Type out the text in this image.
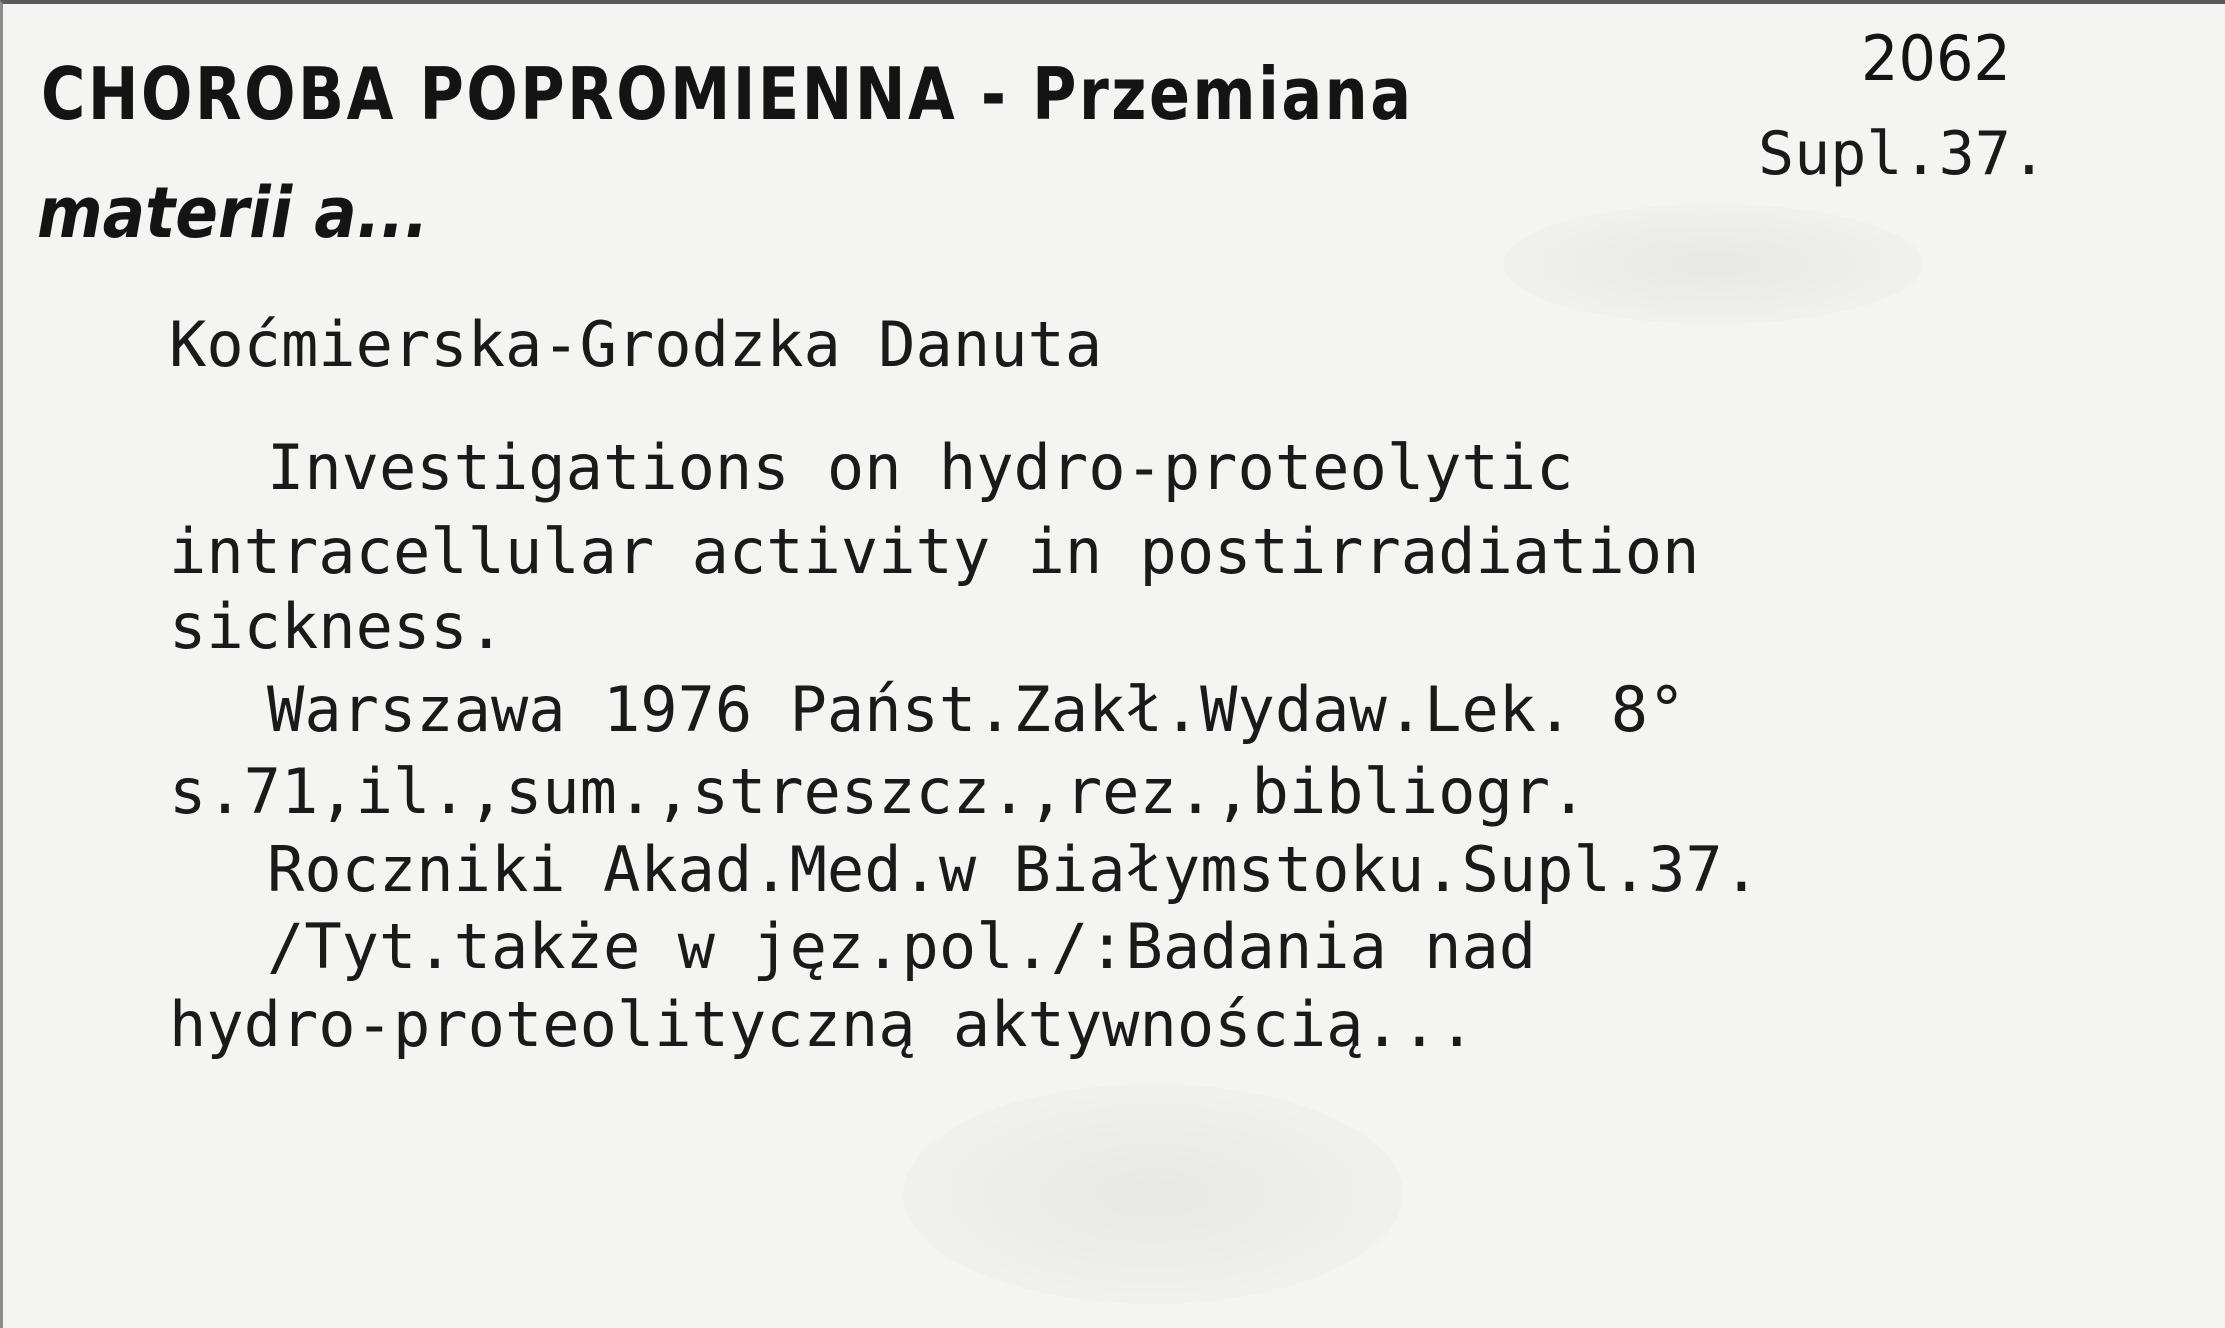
CHOROBA POPROMIENNA - Przemiana
materii a...
2062
Supl.37.
Koćmierska-Grodzka Danuta
Investigations on hydro-proteolytic
intracellular activity in postirradiation
sickness.
Warszawa 1976 Państ.Zakł.Wydaw.Lek. 8°
s.71,il.,sum.,streszcz.,rez.,bibliogr.
Roczniki Akad.Med.w Białymstoku.Supl.37.
/Tyt.także w jęz.pol./:Badania nad
hydro-proteolityczną aktywnością...
